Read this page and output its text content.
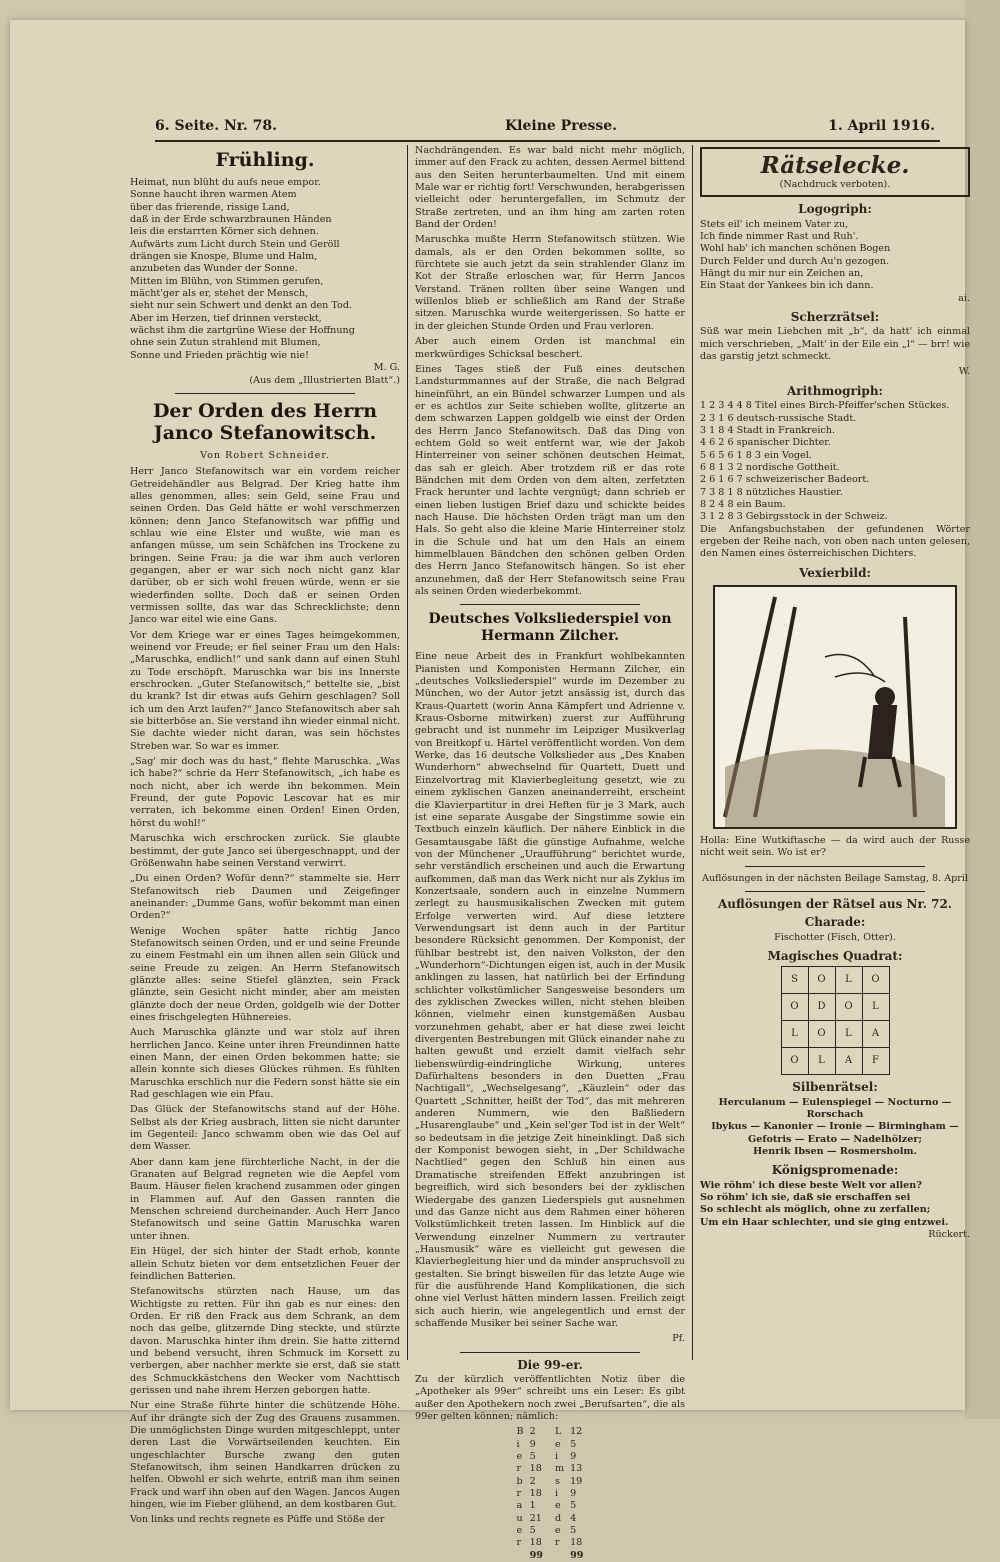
6. Seite. Nr. 78.	Kleine Presse.	1. April 1916.
Frühling.
Heimat, nun blüht du aufs neue empor.
Sonne haucht ihren warmen Atem
über das frierende, rissige Land,
daß in der Erde schwarzbraunen Händen
leis die erstarrten Körner sich dehnen.
Aufwärts zum Licht durch Stein und Geröll
drängen sie Knospe, Blume und Halm,
anzubeten das Wunder der Sonne.
Mitten im Blühn, von Stimmen gerufen,
mächt'ger als er, stehet der Mensch,
sieht nur sein Schwert und denkt an den Tod.
Aber im Herzen, tief drinnen versteckt,
wächst ihm die zartgrüne Wiese der Hoffnung
ohne sein Zutun strahlend mit Blumen,
Sonne und Frieden prächtig wie nie!
M. G.
(Aus dem „Illustrierten Blatt“.)
Der Orden des Herrn Janco Stefanowitsch.
Von Robert Schneider.

Herr Janco Stefanowitsch war ein vordem reicher Getreidehändler aus Belgrad. Der Krieg hatte ihm alles genommen, alles: sein Geld, seine Frau und seinen Orden. Das Geld hätte er wohl verschmerzen können; denn Janco Stefanowitsch war pfiffig und schlau wie eine Elster und wußte, wie man es anfangen müsse, um sein Schäfchen ins Trockene zu bringen. Seine Frau: ja die war ihm auch verloren gegangen, aber er war sich noch nicht ganz klar darüber, ob er sich wohl freuen würde, wenn er sie wiederfinden sollte. Doch daß er seinen Orden vermissen sollte, das war das Schrecklichste; denn Janco war eitel wie eine Gans.

Vor dem Kriege war er eines Tages heimgekommen, weinend vor Freude; er fiel seiner Frau um den Hals: „Maruschka, endlich!“ und sank dann auf einen Stuhl zu Tode erschöpft. Maruschka war bis ins Innerste erschrocken. „Guter Stefanowitsch,“ bettelte sie, „bist du krank? Ist dir etwas aufs Gehirn geschlagen? Soll ich um den Arzt laufen?“ Janco Stefanowitsch aber sah sie bitterböse an. Sie verstand ihn wieder einmal nicht. Sie dachte wieder nicht daran, was sein höchstes Streben war. So war es immer.

„Sag' mir doch was du hast,“ flehte Maruschka. „Was ich habe?“ schrie da Herr Stefanowitsch, „ich habe es noch nicht, aber ich werde ihn bekommen. Mein Freund, der gute Popovic Lescovar hat es mir verraten, ich bekomme einen Orden! Einen Orden, hörst du wohl!“

Maruschka wich erschrocken zurück. Sie glaubte bestimmt, der gute Janco sei übergeschnappt, und der Größenwahn habe seinen Verstand verwirrt.

„Du einen Orden? Wofür denn?“ stammelte sie. Herr Stefanowitsch rieb Daumen und Zeigefinger aneinander: „Dumme Gans, wofür bekommt man einen Orden?“

Wenige Wochen später hatte richtig Janco Stefanowitsch seinen Orden, und er und seine Freunde zu einem Festmahl ein um ihnen allen sein Glück und seine Freude zu zeigen. An Herrn Stefanowitsch glänzte alles: seine Stiefel glänzten, sein Frack glänzte, sein Gesicht nicht minder, aber am meisten glänzte doch der neue Orden, goldgelb wie der Dotter eines frischgelegten Hühnereies.

Auch Maruschka glänzte und war stolz auf ihren herrlichen Janco. Keine unter ihren Freundinnen hatte einen Mann, der einen Orden bekommen hatte; sie allein konnte sich dieses Glückes rühmen. Es fühlten Maruschka erschlich nur die Federn sonst hätte sie ein Rad geschlagen wie ein Pfau.

Das Glück der Stefanowitschs stand auf der Höhe. Selbst als der Krieg ausbrach, litten sie nicht darunter im Gegenteil: Janco schwamm oben wie das Oel auf dem Wasser.

Aber dann kam jene fürchterliche Nacht, in der die Granaten auf Belgrad regneten wie die Aepfel vom Baum. Häuser fielen krachend zusammen oder gingen in Flammen auf. Auf den Gassen rannten die Menschen schreiend durcheinander. Auch Herr Janco Stefanowitsch und seine Gattin Maruschka waren unter ihnen.

Ein Hügel, der sich hinter der Stadt erhob, konnte allein Schutz bieten vor dem entsetzlichen Feuer der feindlichen Batterien.

Stefanowitschs stürzten nach Hause, um das Wichtigste zu retten. Für ihn gab es nur eines: den Orden. Er riß den Frack aus dem Schrank, an dem noch das gelbe, glitzernde Ding steckte, und stürzte davon. Maruschka hinter ihm drein. Sie hatte zitternd und bebend versucht, ihren Schmuck im Korsett zu verbergen, aber nachher merkte sie erst, daß sie statt des Schmuckkästchens den Wecker vom Nachttisch gerissen und nahe ihrem Herzen geborgen hatte.

Nur eine Straße führte hinter die schützende Höhe. Auf ihr drängte sich der Zug des Grauens zusammen. Die unmöglichsten Dinge wurden mitgeschleppt, unter deren Last die Vorwärtseilenden keuchten. Ein ungeschlachter Bursche zwang den guten Stefanowitsch, ihm seinen Handkarren drücken zu helfen. Obwohl er sich wehrte, entriß man ihm seinen Frack und warf ihn oben auf den Wagen. Jancos Augen hingen, wie im Fieber glühend, an dem kostbaren Gut.

Von links und rechts regnete es Püffe und Stöße der

Nachdrängenden. Es war bald nicht mehr möglich, immer auf den Frack zu achten, dessen Aermel bittend aus den Seiten herunterbaumelten. Und mit einem Male war er richtig fort! Verschwunden, herabgerissen vielleicht oder heruntergefallen, im Schmutz der Straße zertreten, und an ihm hing am zarten roten Band der Orden!

Maruschka mußte Herrn Stefanowitsch stützen. Wie damals, als er den Orden bekommen sollte, so fürchtete sie auch jetzt da sein strahlender Glanz im Kot der Straße erloschen war, für Herrn Jancos Verstand. Tränen rollten über seine Wangen und willenlos blieb er schließlich am Rand der Straße sitzen. Maruschka wurde weitergerissen. So hatte er in der gleichen Stunde Orden und Frau verloren.

Aber auch einem Orden ist manchmal ein merkwürdiges Schicksal beschert.

Eines Tages stieß der Fuß eines deutschen Landsturmmannes auf der Straße, die nach Belgrad hineinführt, an ein Bündel schwarzer Lumpen und als er es achtlos zur Seite schieben wollte, glitzerte an dem schwarzen Lappen goldgelb wie einst der Orden des Herrn Janco Stefanowitsch. Daß das Ding von echtem Gold so weit entfernt war, wie der Jakob Hinterreiner von seiner schönen deutschen Heimat, das sah er gleich. Aber trotzdem riß er das rote Bändchen mit dem Orden von dem alten, zerfetzten Frack herunter und lachte vergnügt; dann schrieb er einen lieben lustigen Brief dazu und schickte beides nach Hause. Die höchsten Orden trägt man um den Hals. So geht also die kleine Marie Hinterreiner stolz in die Schule und hat um den Hals an einem himmelblauen Bändchen den schönen gelben Orden des Herrn Janco Stefanowitsch hängen. So ist eher anzunehmen, daß der Herr Stefanowitsch seine Frau als seinen Orden wiederbekommt.

Deutsches Volksliederspiel von Hermann Zilcher.

Eine neue Arbeit des in Frankfurt wohlbekannten Pianisten und Komponisten Hermann Zilcher, ein „deutsches Volksliederspiel“ wurde im Dezember zu München, wo der Autor jetzt ansässig ist, durch das Kraus-Quartett (worin Anna Kämpfert und Adrienne v. Kraus-Osborne mitwirken) zuerst zur Aufführung gebracht und ist nunmehr im Leipziger Musikverlag von Breitkopf u. Härtel veröffentlicht worden. Von dem Werke, das 16 deutsche Volkslieder aus „Des Knaben Wunderhorn“ abwechselnd für Quartett, Duett und Einzelvortrag mit Klavierbegleitung gesetzt, wie zu einem zyklischen Ganzen aneinanderreiht, erscheint die Klavierpartitur in drei Heften für je 3 Mark, auch ist eine separate Ausgabe der Singstimme sowie ein Textbuch einzeln käuflich. Der nähere Einblick in die Gesamtausgabe läßt die günstige Aufnahme, welche von der Münchener „Uraufführung“ berichtet wurde, sehr verständlich erscheinen und auch die Erwartung aufkommen, daß man das Werk nicht nur als Zyklus im Konzertsaale, sondern auch in einzelne Nummern zerlegt zu hausmusikalischen Zwecken mit gutem Erfolge verwerten wird. Auf diese letztere Verwendungsart ist denn auch in der Partitur besondere Rücksicht genommen. Der Komponist, der fühlbar bestrebt ist, den naiven Volkston, der den „Wunderhorn“-Dichtungen eigen ist, auch in der Musik anklingen zu lassen, hat natürlich bei der Erfindung schlichter volkstümlicher Sangesweise besonders um des zyklischen Zweckes willen, nicht stehen bleiben können, vielmehr einen kunstgemäßen Ausbau vorzunehmen gehabt, aber er hat diese zwei leicht divergenten Bestrebungen mit Glück einander nahe zu halten gewußt und erzielt damit vielfach sehr liebenswürdig-eindringliche Wirkung, unteres Dafürhaltens besonders in den Duetten „Frau Nachtigall“, „Wechselgesang“, „Käuzlein“ oder das Quartett „Schnitter, heißt der Tod“, das mit mehreren anderen Nummern, wie den Baßliedern „Husarenglaube“ und „Kein sel'ger Tod ist in der Welt“ so bedeutsam in die jetzige Zeit hineinklingt. Daß sich der Komponist bewogen sieht, in „Der Schildwache Nachtlied“ gegen den Schluß hin einen aus Dramatische streifenden Effekt anzubringen ist begreiflich, wird sich besonders bei der zyklischen Wiedergabe des ganzen Liederspiels gut ausnehmen und das Ganze nicht aus dem Rahmen einer höheren Volkstümlichkeit treten lassen. Im Hinblick auf die Verwendung einzelner Nummern zu vertrauter „Hausmusik“ wäre es vielleicht gut gewesen die Klavierbegleitung hier und da minder anspruchsvoll zu gestalten. Sie bringt bisweilen für das letzte Auge wie für die ausführende Hand Komplikationen, die sich ohne viel Verlust hätten mindern lassen. Freilich zeigt sich auch hierin, wie angelegentlich und ernst der schaffende Musiker bei seiner Sache war.

Pf.
Die 99-er.

Zu der kürzlich veröffentlichten Notiz über die „Apotheker als 99er“ schreibt uns ein Leser: Es gibt außer den Apothekern noch zwei „Berufsarten“, die als 99er gelten können; nämlich:

B	2		L	12
i	9		e	5
e	5		i	9
r	18		m	13
b	2		s	19
r	18		i	9
a	1		e	5
u	21		d	4
e	5		e	5
r	18		r	18
	99			99
Rätselecke.
(Nachdruck verboten).
Logogriph:
Stets eil' ich meinem Vater zu,
Ich finde nimmer Rast und Ruh'.
Wohl hab' ich manchen schönen Bogen
Durch Felder und durch Au'n gezogen.
Hängt du mir nur ein Zeichen an,
Ein Staat der Yankees bin ich dann.
ai.
Scherzrätsel:

Süß war mein Liebchen mit „b“, da hatt' ich einmal mich verschrieben, „Malt' in der Eile ein „l“ — brr! wie das garstig jetzt schmeckt.

W.
Arithmogriph:
1 2 3 4 4 8 Titel eines Birch-Pfeiffer'schen Stückes.
2 3 1 6 deutsch-russische Stadt.
3 1 8 4 Stadt in Frankreich.
4 6 2 6 spanischer Dichter.
5 6 5 6 1 8 3 ein Vogel.
6 8 1 3 2 nordische Gottheit.
2 6 1 6 7 schweizerischer Badeort.
7 3 8 1 8 nützliches Haustier.
8 2 4 8 ein Baum.
3 1 2 8 3 Gebirgsstock in der Schweiz.

Die Anfangsbuchstaben der gefundenen Wörter ergeben der Reihe nach, von oben nach unten gelesen, den Namen eines österreichischen Dichters.

Vexierbild:

Holla: Eine Wutkiftasche — da wird auch der Russe nicht weit sein. Wo ist er?

Auflösungen in der nächsten Beilage Samstag, 8. April

Auflösungen der Rätsel aus Nr. 72.
Charade:

Fischotter (Fisch, Otter).

Magisches Quadrat:
S	O	L	O
O	D	O	L
L	O	L	A
O	L	A	F
Silbenrätsel:
Herculanum — Eulenspiegel — Nocturno — Rorschach
Ibykus — Kanonier — Ironie — Birmingham —
Gefotris — Erato — Nadelhölzer;
Henrik Ibsen — Rosmersholm.
Königspromenade:
Wie röhm' ich diese beste Welt vor allen?
So röhm' ich sie, daß sie erschaffen sei
So schlecht als möglich, ohne zu zerfallen;
Um ein Haar schlechter, und sie ging entzwei.
Rückert.
